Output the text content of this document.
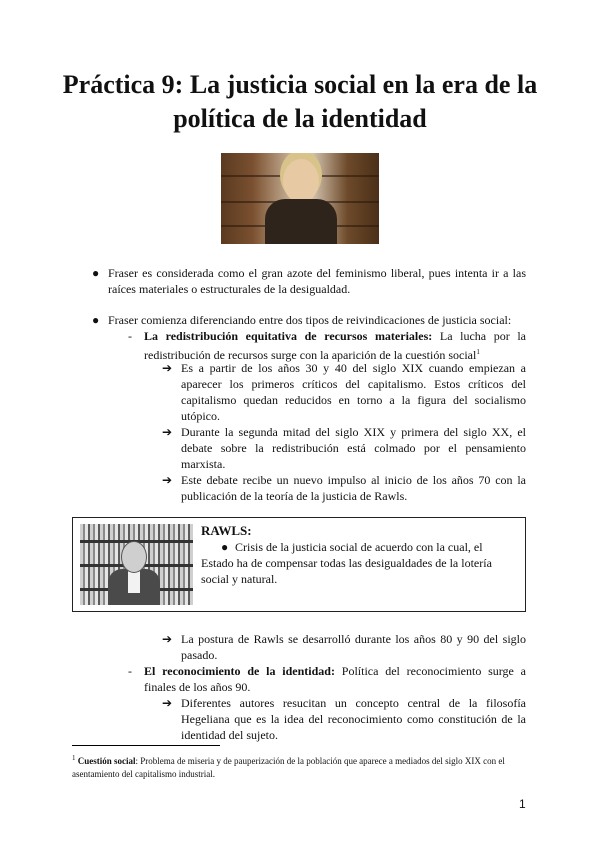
Práctica 9: La justicia social en la era de la
política de la identidad
● Fraser es considerada como el gran azote del feminismo liberal, pues intenta ir a las raíces materiales o estructurales de la desigualdad.

● Fraser comienza diferenciando entre dos tipos de reivindicaciones de justicia social:

- La redistribución equitativa de recursos materiales: La lucha por la redistribución de recursos surge con la aparición de la cuestión social$^1$

➔ Es a partir de los años 30 y 40 del siglo XIX cuando empiezan a aparecer los primeros críticos del capitalismo. Estos críticos del capitalismo quedan reducidos en torno a la figura del socialismo utópico.

➔ Durante la segunda mitad del siglo XIX y primera del siglo XX, el debate sobre la redistribución está colmado por el pensamiento marxista.

➔ Este debate recibe un nuevo impulso al inicio de los años 70 con la publicación de la teoría de la justicia de Rawls.

RAWLS:

● Crisis de la justicia social de acuerdo con la cual, el Estado ha de compensar todas las desigualdades de la lotería social y natural.

➔ La postura de Rawls se desarrolló durante los años 80 y 90 del siglo pasado.

- El reconocimiento de la identidad: Política del reconocimiento surge a finales de los años 90.

➔ Diferentes autores resucitan un concepto central de la filosofía Hegeliana que es la idea del reconocimiento como constitución de la identidad del sujeto.

$^1$ Cuestión social: Problema de miseria y de pauperización de la población que aparece a mediados del siglo XIX con el asentamiento del capitalismo industrial.

1
